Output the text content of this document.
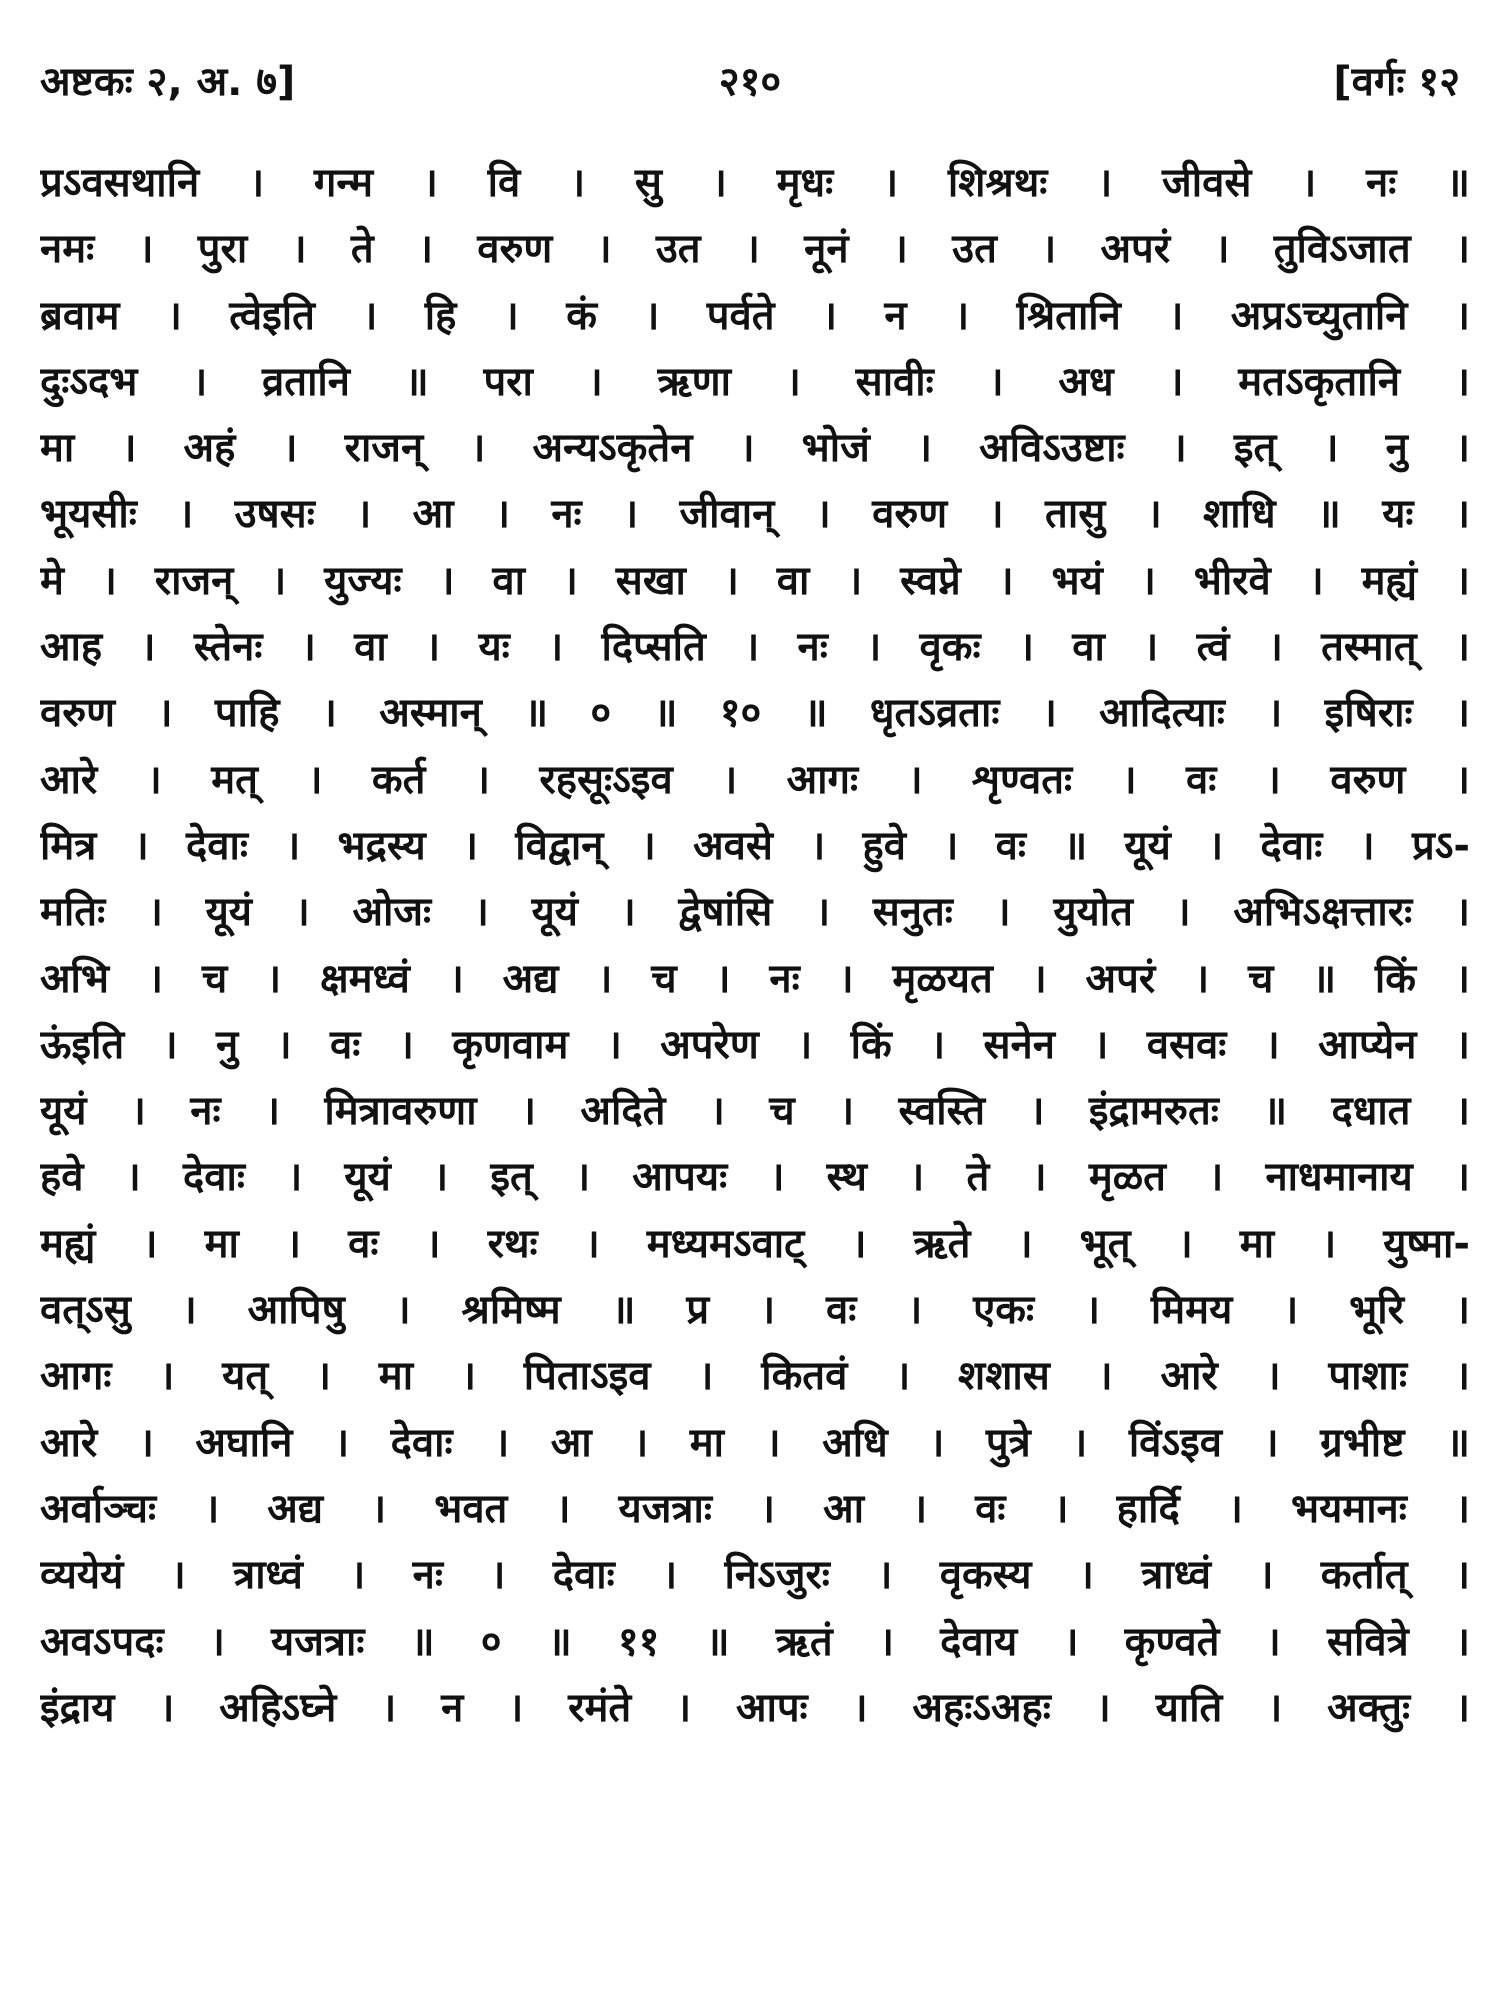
अष्टकः २, अ. ७]	२१०	[वर्गः १२
प्रऽवसथानि । गन्म । वि । सु । मृधः । शिश्रथः । जीवसे । नः ॥
नमः । पुरा । ते । वरुण । उत । नूनं । उत । अपरं । तुविऽजात ।
ब्रवाम । त्वेइति । हि । कं । पर्वते । न । श्रितानि । अप्रऽच्युतानि ।
दुःऽदभ । व्रतानि ॥ परा । ऋणा । सावीः । अध । मतऽकृतानि ।
मा । अहं । राजन् । अन्यऽकृतेन । भोजं । अविऽउष्टाः । इत् । नु ।
भूयसीः । उषसः । आ । नः । जीवान् । वरुण । तासु । शाधि ॥ यः ।
मे । राजन् । युज्यः । वा । सखा । वा । स्वप्ने । भयं । भीरवे । मह्यं ।
आह । स्तेनः । वा । यः । दिप्सति । नः । वृकः । वा । त्वं । तस्मात् ।
वरुण । पाहि । अस्मान् ॥ ० ॥ १० ॥ धृतऽव्रताः । आदित्याः । इषिराः ।
आरे । मत् । कर्त । रहसूःऽइव । आगः । शृण्वतः । वः । वरुण ।
मित्र । देवाः । भद्रस्य । विद्वान् । अवसे । हुवे । वः ॥ यूयं । देवाः । प्रऽ-
मतिः । यूयं । ओजः । यूयं । द्वेषांसि । सनुतः । युयोत । अभिऽक्षत्तारः ।
अभि । च । क्षमध्वं । अद्य । च । नः । मृळयत । अपरं । च ॥ किं ।
ऊंइति । नु । वः । कृणवाम । अपरेण । किं । सनेन । वसवः । आप्येन ।
यूयं । नः । मित्रावरुणा । अदिते । च । स्वस्ति । इंद्रामरुतः ॥ दधात ।
हवे । देवाः । यूयं । इत् । आपयः । स्थ । ते । मृळत । नाधमानाय ।
मह्यं । मा । वः । रथः । मध्यमऽवाट् । ऋते । भूत् । मा । युष्मा-
वत्ऽसु । आपिषु । श्रमिष्म ॥ प्र । वः । एकः । मिमय । भूरि ।
आगः । यत् । मा । पिताऽइव । कितवं । शशास । आरे । पाशाः ।
आरे । अघानि । देवाः । आ । मा । अधि । पुत्रे । विंऽइव । ग्रभीष्ट ॥
अर्वाञ्चः । अद्य । भवत । यजत्राः । आ । वः । हार्दि । भयमानः ।
व्ययेयं । त्राध्वं । नः । देवाः । निऽजुरः । वृकस्य । त्राध्वं । कर्तात् ।
अवऽपदः । यजत्राः ॥ ० ॥ ११ ॥ ऋतं । देवाय । कृण्वते । सवित्रे ।
इंद्राय । अहिऽघ्ने । न । रमंते । आपः । अहःऽअहः । याति । अक्तुः ।
